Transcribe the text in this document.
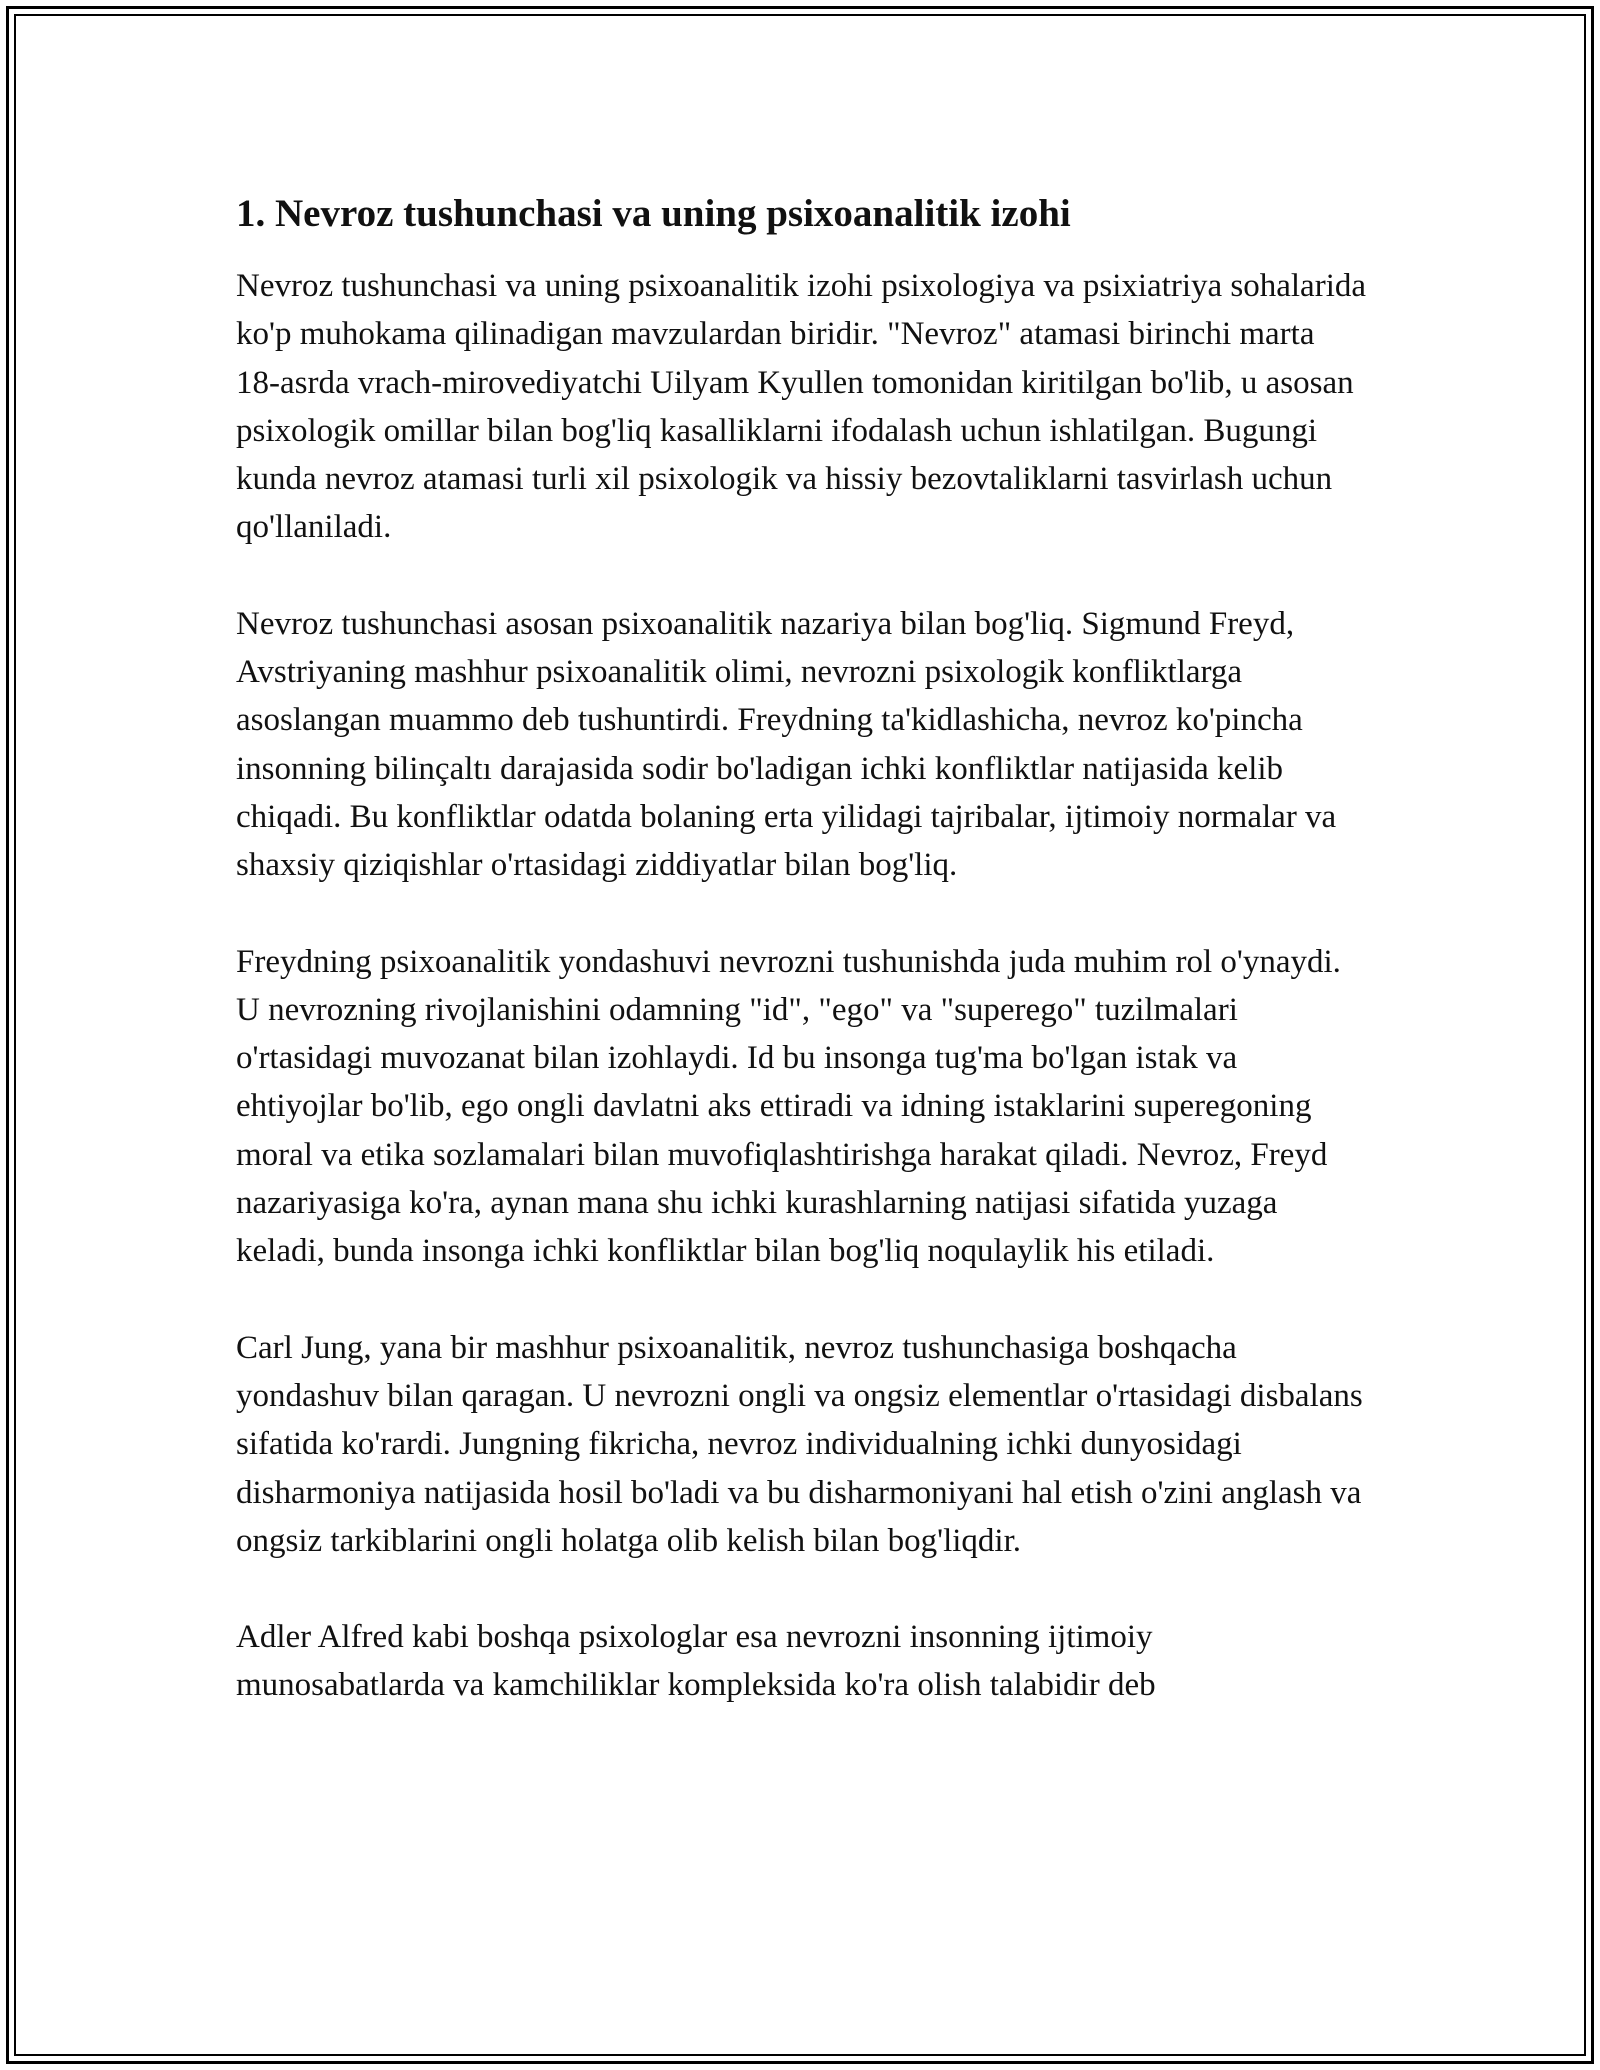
1. Nevroz tushunchasi va uning psixoanalitik izohi

Nevroz tushunchasi va uning psixoanalitik izohi psixologiya va psixiatriya sohalarida ko'p muhokama qilinadigan mavzulardan biridir. "Nevroz" atamasi birinchi marta 18-asrda vrach-mirovediyatchi Uilyam Kyullen tomonidan kiritilgan bo'lib, u asosan psixologik omillar bilan bog'liq kasalliklarni ifodalash uchun ishlatilgan. Bugungi kunda nevroz atamasi turli xil psixologik va hissiy bezovtaliklarni tasvirlash uchun qo'llaniladi.

Nevroz tushunchasi asosan psixoanalitik nazariya bilan bog'liq. Sigmund Freyd, Avstriyaning mashhur psixoanalitik olimi, nevrozni psixologik konfliktlarga asoslangan muammo deb tushuntirdi. Freydning ta'kidlashicha, nevroz ko'pincha insonning bilinçaltı darajasida sodir bo'ladigan ichki konfliktlar natijasida kelib chiqadi. Bu konfliktlar odatda bolaning erta yilidagi tajribalar, ijtimoiy normalar va shaxsiy qiziqishlar o'rtasidagi ziddiyatlar bilan bog'liq.

Freydning psixoanalitik yondashuvi nevrozni tushunishda juda muhim rol o'ynaydi. U nevrozning rivojlanishini odamning "id", "ego" va "superego" tuzilmalari o'rtasidagi muvozanat bilan izohlaydi. Id bu insonga tug'ma bo'lgan istak va ehtiyojlar bo'lib, ego ongli davlatni aks ettiradi va idning istaklarini superegoning moral va etika sozlamalari bilan muvofiqlashtirishga harakat qiladi. Nevroz, Freyd nazariyasiga ko'ra, aynan mana shu ichki kurashlarning natijasi sifatida yuzaga keladi, bunda insonga ichki konfliktlar bilan bog'liq noqulaylik his etiladi.

Carl Jung, yana bir mashhur psixoanalitik, nevroz tushunchasiga boshqacha yondashuv bilan qaragan. U nevrozni ongli va ongsiz elementlar o'rtasidagi disbalans sifatida ko'rardi. Jungning fikricha, nevroz individualning ichki dunyosidagi disharmoniya natijasida hosil bo'ladi va bu disharmoniyani hal etish o'zini anglash va ongsiz tarkiblarini ongli holatga olib kelish bilan bog'liqdir.

Adler Alfred kabi boshqa psixologlar esa nevrozni insonning ijtimoiy munosabatlarda va kamchiliklar kompleksida ko'ra olish talabidir deb
